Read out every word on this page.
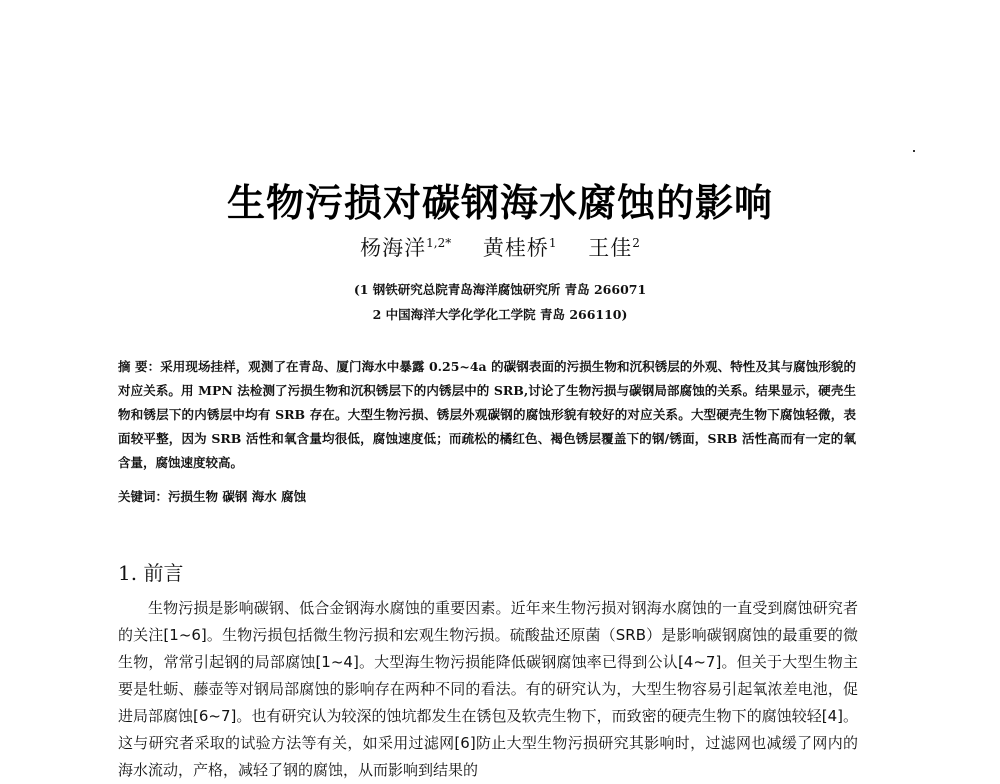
生物污损对碳钢海水腐蚀的影响
杨海洋$^{1,2*}$ 黄桂桥$^1$ 王佳$^2$
(1 钢铁研究总院青岛海洋腐蚀研究所 青岛 266071
2 中国海洋大学化学化工学院 青岛 266110)

摘 要：采用现场挂样，观测了在青岛、厦门海水中暴露 0.25~4a 的碳钢表面的污损生物和沉积锈层的外观、特性及其与腐蚀形貌的对应关系。用 MPN 法检测了污损生物和沉积锈层下的内锈层中的 SRB,讨论了生物污损与碳钢局部腐蚀的关系。结果显示，硬壳生物和锈层下的内锈层中均有 SRB 存在。大型生物污损、锈层外观碳钢的腐蚀形貌有较好的对应关系。大型硬壳生物下腐蚀轻微，表面较平整，因为 SRB 活性和氧含量均很低，腐蚀速度低；而疏松的橘红色、褐色锈层覆盖下的钢/锈面，SRB 活性高而有一定的氧含量，腐蚀速度较高。

关键词：污损生物 碳钢 海水 腐蚀
1. 前言

生物污损是影响碳钢、低合金钢海水腐蚀的重要因素。近年来生物污损对钢海水腐蚀的一直受到腐蚀研究者的关注[1~6]。生物污损包括微生物污损和宏观生物污损。硫酸盐还原菌（SRB）是影响碳钢腐蚀的最重要的微生物，常常引起钢的局部腐蚀[1~4]。大型海生物污损能降低碳钢腐蚀率已得到公认[4~7]。但关于大型生物主要是牡蛎、藤壶等对钢局部腐蚀的影响存在两种不同的看法。有的研究认为，大型生物容易引起氧浓差电池，促进局部腐蚀[6~7]。也有研究认为较深的蚀坑都发生在锈包及软壳生物下，而致密的硬壳生物下的腐蚀较轻[4]。这与研究者采取的试验方法等有关，如采用过滤网[6]防止大型生物污损研究其影响时，过滤网也减缓了网内的海水流动，产格，减轻了钢的腐蚀，从而影响到结果的
